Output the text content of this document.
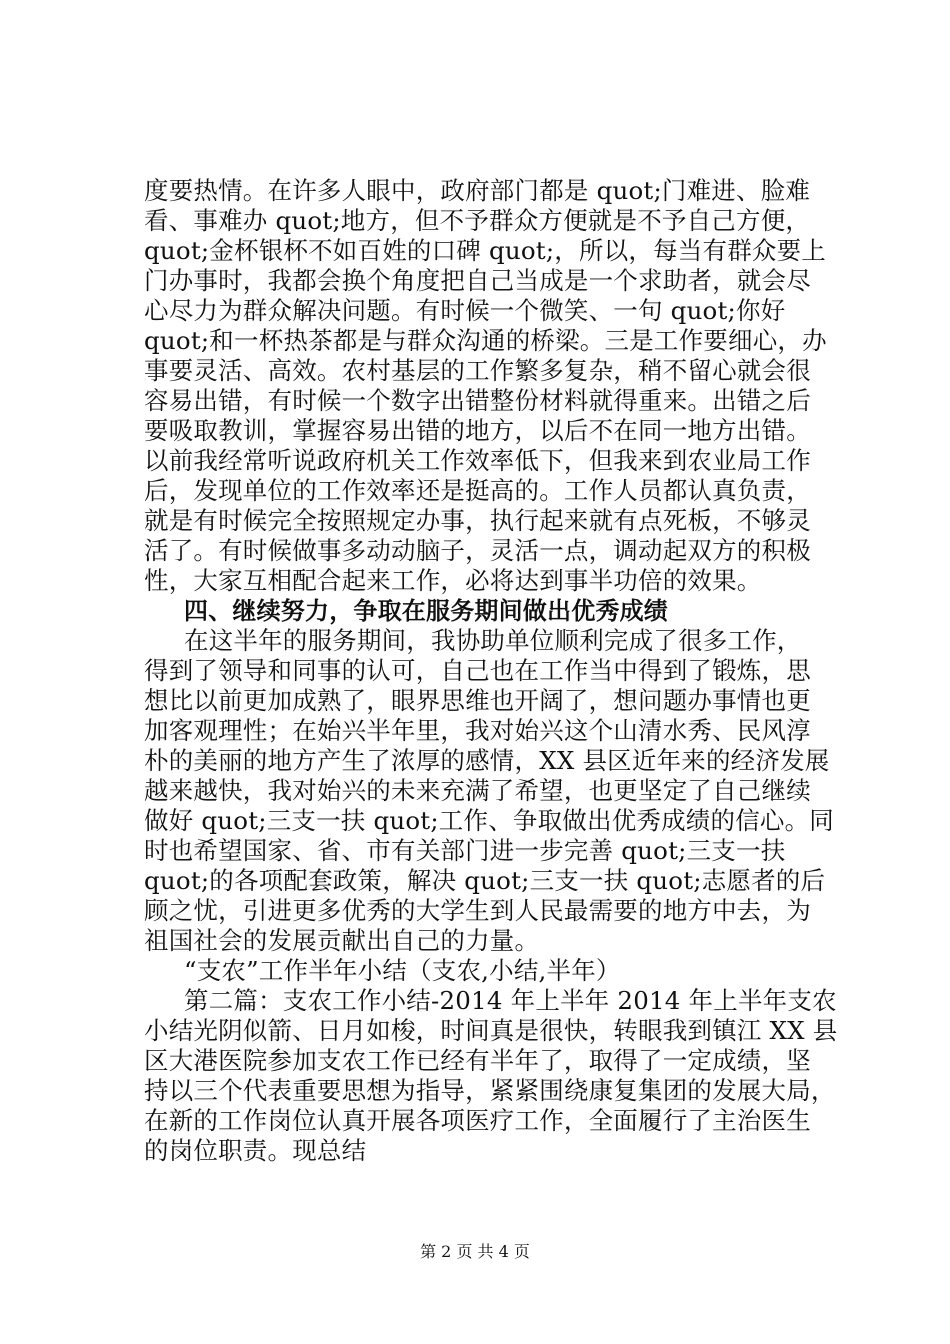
度要热情。在许多人眼中，政府部门都是 quot;门难进、脸难
看、事难办 quot;地方，但不予群众方便就是不予自己方便，
quot;金杯银杯不如百姓的口碑 quot;，所以，每当有群众要上
门办事时，我都会换个角度把自己当成是一个求助者，就会尽
心尽力为群众解决问题。有时候一个微笑、一句 quot;你好
quot;和一杯热茶都是与群众沟通的桥梁。三是工作要细心，办
事要灵活、高效。农村基层的工作繁多复杂，稍不留心就会很
容易出错，有时候一个数字出错整份材料就得重来。出错之后
要吸取教训，掌握容易出错的地方，以后不在同一地方出错。
以前我经常听说政府机关工作效率低下，但我来到农业局工作
后，发现单位的工作效率还是挺高的。工作人员都认真负责，
就是有时候完全按照规定办事，执行起来就有点死板，不够灵
活了。有时候做事多动动脑子，灵活一点，调动起双方的积极
性，大家互相配合起来工作，必将达到事半功倍的效果。
四、继续努力，争取在服务期间做出优秀成绩
在这半年的服务期间，我协助单位顺利完成了很多工作，
得到了领导和同事的认可，自己也在工作当中得到了锻炼，思
想比以前更加成熟了，眼界思维也开阔了，想问题办事情也更
加客观理性；在始兴半年里，我对始兴这个山清水秀、民风淳
朴的美丽的地方产生了浓厚的感情，XX 县区近年来的经济发展
越来越快，我对始兴的未来充满了希望，也更坚定了自己继续
做好 quot;三支一扶 quot;工作、争取做出优秀成绩的信心。同
时也希望国家、省、市有关部门进一步完善 quot;三支一扶
quot;的各项配套政策，解决 quot;三支一扶 quot;志愿者的后
顾之忧，引进更多优秀的大学生到人民最需要的地方中去，为
祖国社会的发展贡献出自己的力量。
“支农”工作半年小结（支农,小结,半年）
第二篇：支农工作小结-2014 年上半年 2014 年上半年支农
小结光阴似箭、日月如梭，时间真是很快，转眼我到镇江 XX 县
区大港医院参加支农工作已经有半年了，取得了一定成绩，坚
持以三个代表重要思想为指导，紧紧围绕康复集团的发展大局，
在新的工作岗位认真开展各项医疗工作，全面履行了主治医生
的岗位职责。现总结
第 2 页 共 4 页
